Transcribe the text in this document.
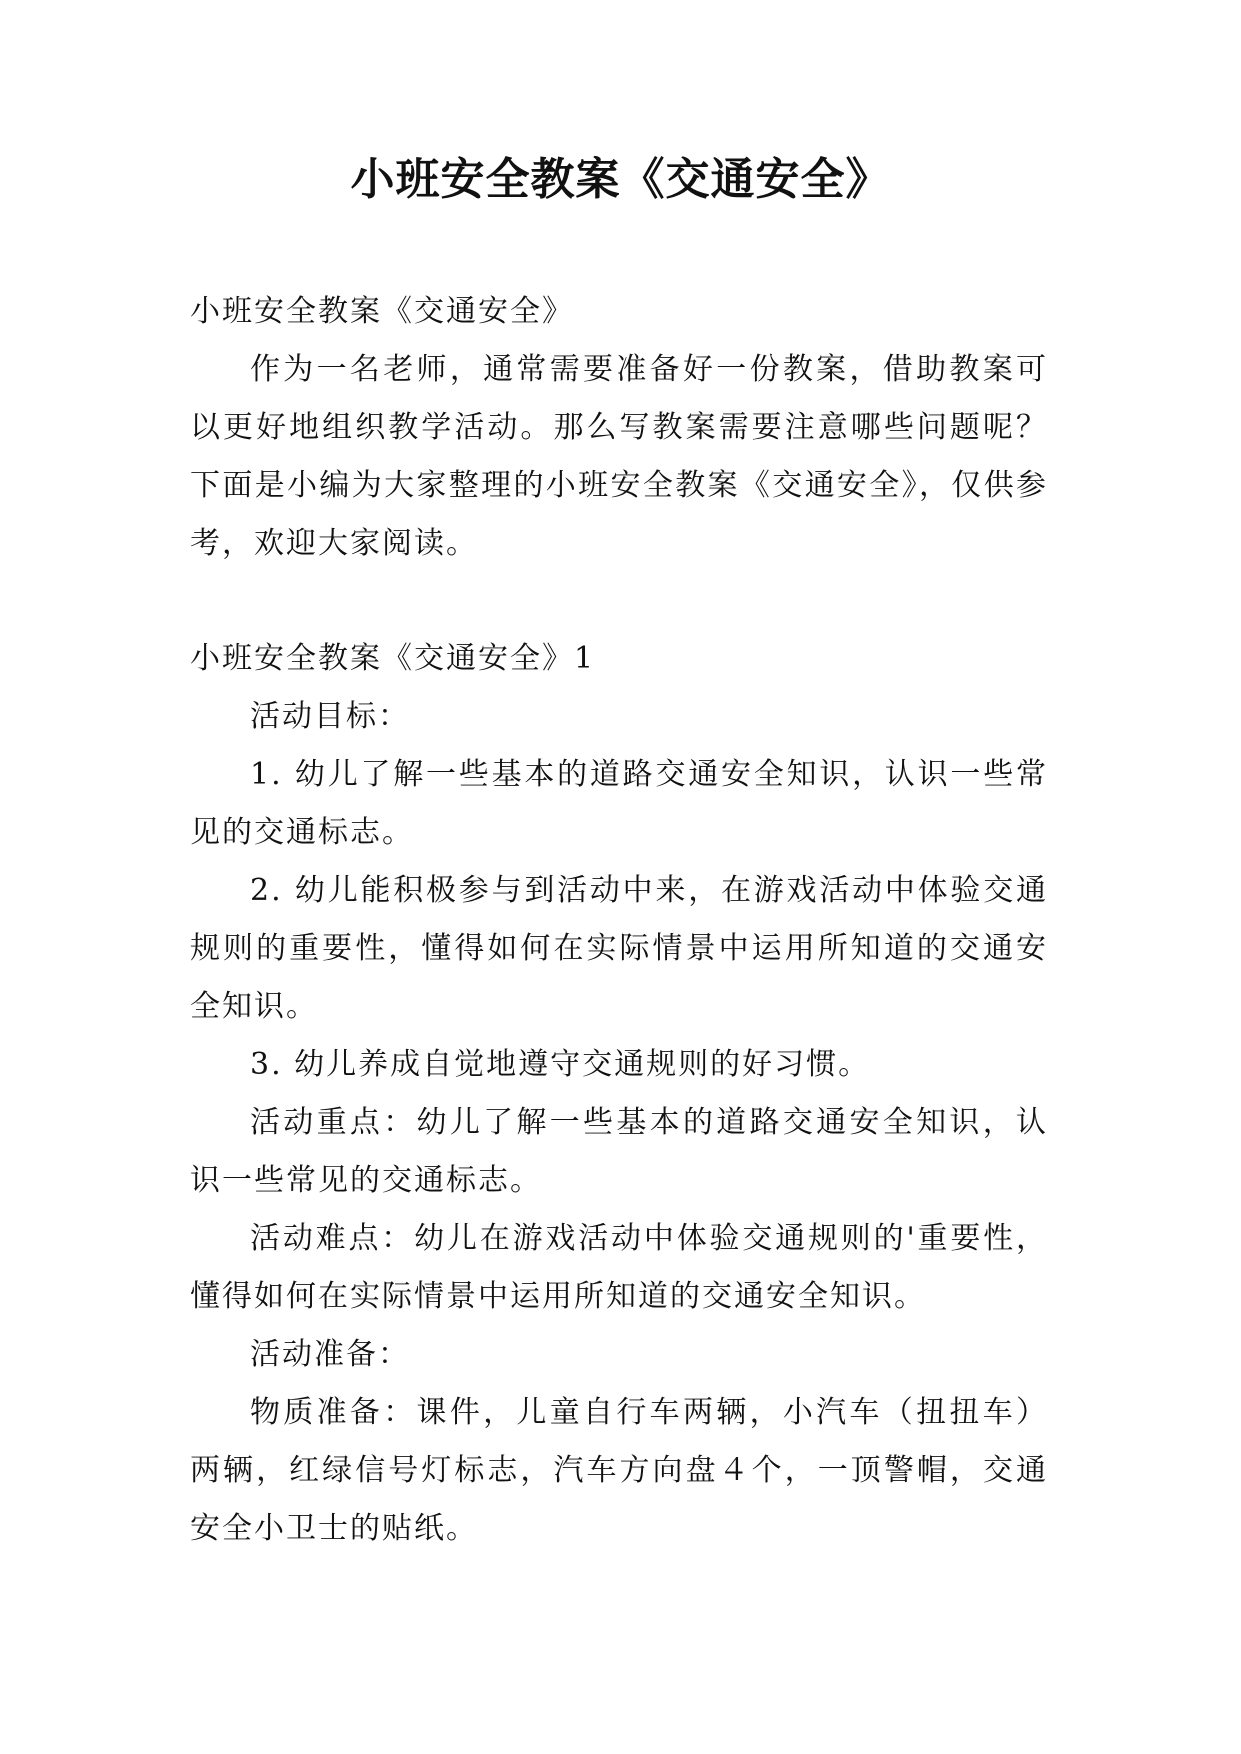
小班安全教案《交通安全》

小班安全教案《交通安全》

作为一名老师，通常需要准备好一份教案，借助教案可以更好地组织教学活动。那么写教案需要注意哪些问题呢？下面是小编为大家整理的小班安全教案《交通安全》，仅供参考，欢迎大家阅读。

小班安全教案《交通安全》1

活动目标：

1. 幼儿了解一些基本的道路交通安全知识，认识一些常见的交通标志。

2. 幼儿能积极参与到活动中来，在游戏活动中体验交通规则的重要性，懂得如何在实际情景中运用所知道的交通安全知识。

3. 幼儿养成自觉地遵守交通规则的好习惯。

活动重点：幼儿了解一些基本的道路交通安全知识，认识一些常见的交通标志。

活动难点：幼儿在游戏活动中体验交通规则的'重要性，懂得如何在实际情景中运用所知道的交通安全知识。

活动准备：

物质准备：课件，儿童自行车两辆，小汽车（扭扭车）两辆，红绿信号灯标志，汽车方向盘４个，一顶警帽，交通安全小卫士的贴纸。
